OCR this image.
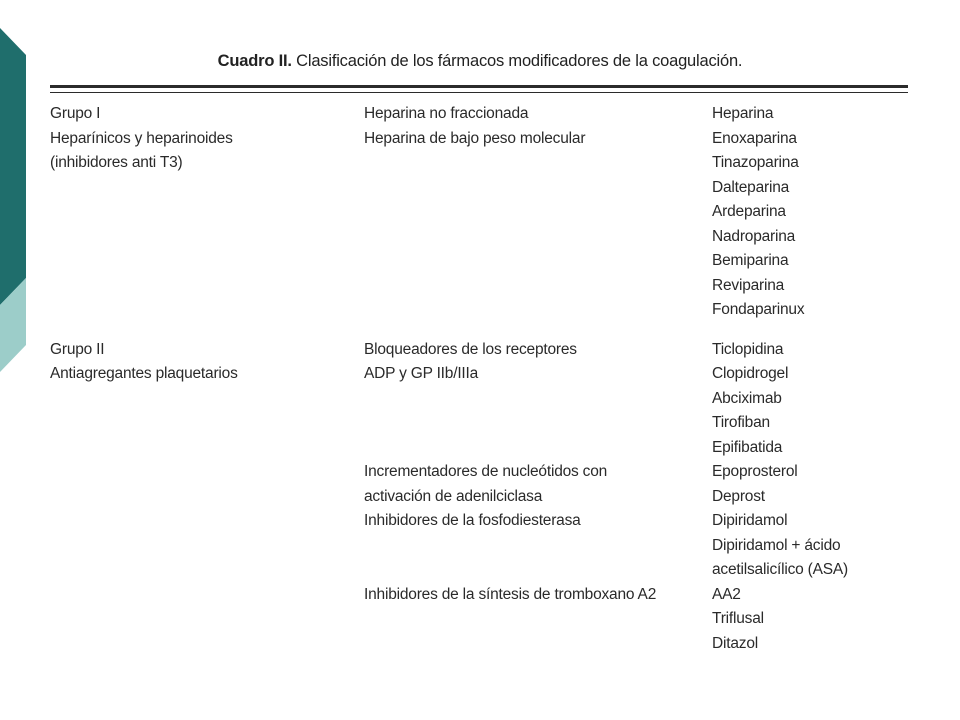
Cuadro II. Clasificación de los fármacos modificadores de la coagulación.
Grupo I
Heparínicos y heparinoides
(inhibidores anti T3)
Heparina no fraccionada
Heparina de bajo peso molecular
Heparina
Enoxaparina
Tinazoparina
Dalteparina
Ardeparina
Nadroparina
Bemiparina
Reviparina
Fondaparinux
Grupo II
Antiagregantes plaquetarios
Bloqueadores de los receptores
ADP y GP IIb/IIIa
Incrementadores de nucleótidos con
activación de adenilciclasa
Inhibidores de la fosfodiesterasa
Inhibidores de la síntesis de tromboxano A2
Ticlopidina
Clopidrogel
Abciximab
Tirofiban
Epifibatida
Epoprosterol
Deprost
Dipiridamol
Dipiridamol + ácido
acetilsalicílico (ASA)
AA2
Triflusal
Ditazol
